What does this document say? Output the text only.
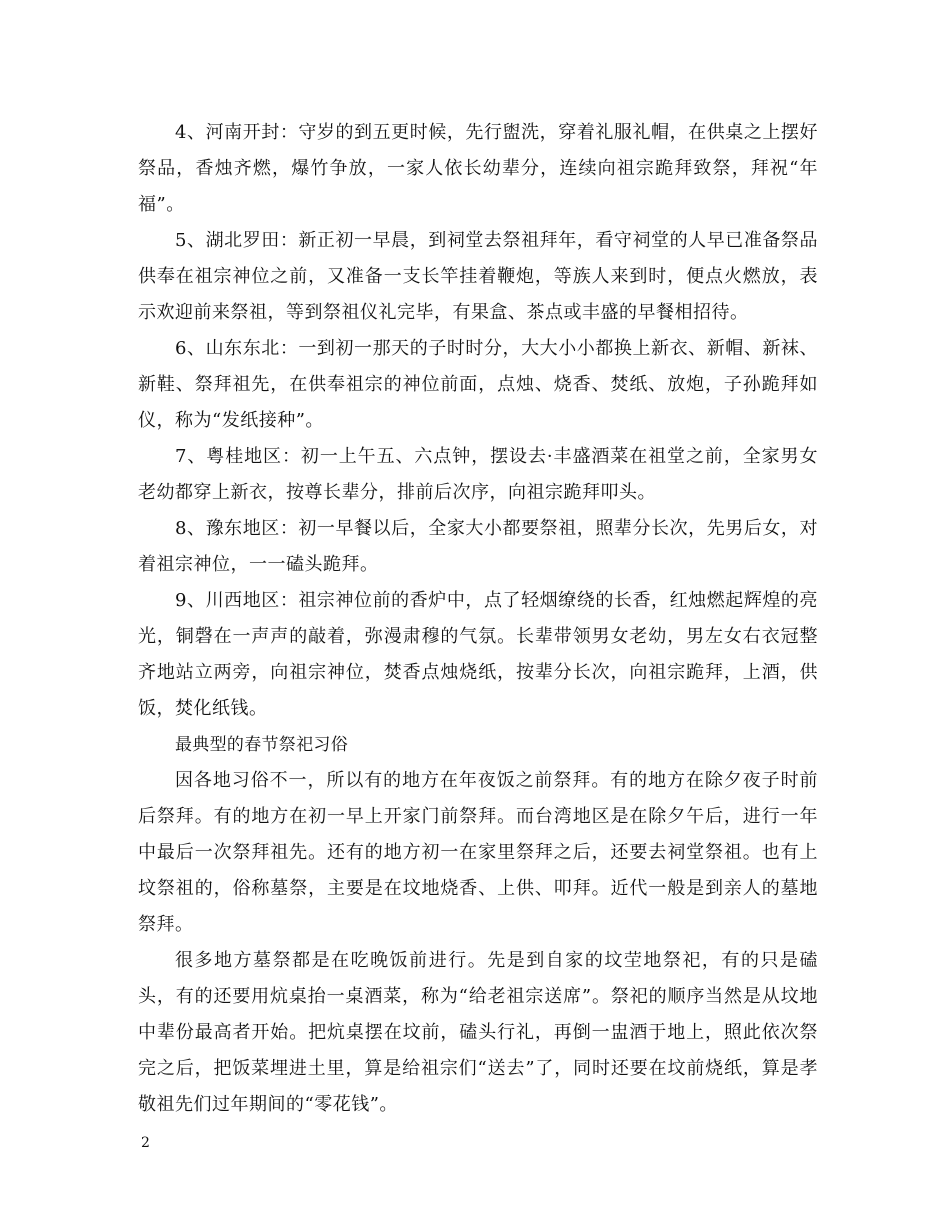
4、河南开封：守岁的到五更时候，先行盥洗，穿着礼服礼帽，在供桌之上摆好祭品，香烛齐燃，爆竹争放，一家人依长幼辈分，连续向祖宗跪拜致祭，拜祝“年福”。

5、湖北罗田：新正初一早晨，到祠堂去祭祖拜年，看守祠堂的人早已准备祭品供奉在祖宗神位之前，又准备一支长竿挂着鞭炮，等族人来到时，便点火燃放，表示欢迎前来祭祖，等到祭祖仪礼完毕，有果盒、茶点或丰盛的早餐相招待。

6、山东东北：一到初一那天的子时时分，大大小小都换上新衣、新帽、新袜、新鞋、祭拜祖先，在供奉祖宗的神位前面，点烛、烧香、焚纸、放炮，子孙跪拜如仪，称为“发纸接种”。

7、粤桂地区：初一上午五、六点钟，摆设去·丰盛酒菜在祖堂之前，全家男女老幼都穿上新衣，按尊长辈分，排前后次序，向祖宗跪拜叩头。

8、豫东地区：初一早餐以后，全家大小都要祭祖，照辈分长次，先男后女，对着祖宗神位，一一磕头跪拜。

9、川西地区：祖宗神位前的香炉中，点了轻烟缭绕的长香，红烛燃起辉煌的亮光，铜磬在一声声的敲着，弥漫肃穆的气氛。长辈带领男女老幼，男左女右衣冠整齐地站立两旁，向祖宗神位，焚香点烛烧纸，按辈分长次，向祖宗跪拜，上酒，供饭，焚化纸钱。

最典型的春节祭祀习俗

因各地习俗不一，所以有的地方在年夜饭之前祭拜。有的地方在除夕夜子时前后祭拜。有的地方在初一早上开家门前祭拜。而台湾地区是在除夕午后，进行一年中最后一次祭拜祖先。还有的地方初一在家里祭拜之后，还要去祠堂祭祖。也有上坟祭祖的，俗称墓祭，主要是在坟地烧香、上供、叩拜。近代一般是到亲人的墓地祭拜。

很多地方墓祭都是在吃晚饭前进行。先是到自家的坟茔地祭祀，有的只是磕头，有的还要用炕桌抬一桌酒菜，称为“给老祖宗送席”。祭祀的顺序当然是从坟地中辈份最高者开始。把炕桌摆在坟前，磕头行礼，再倒一盅酒于地上，照此依次祭完之后，把饭菜埋进土里，算是给祖宗们“送去”了，同时还要在坟前烧纸，算是孝敬祖先们过年期间的“零花钱”。

2
